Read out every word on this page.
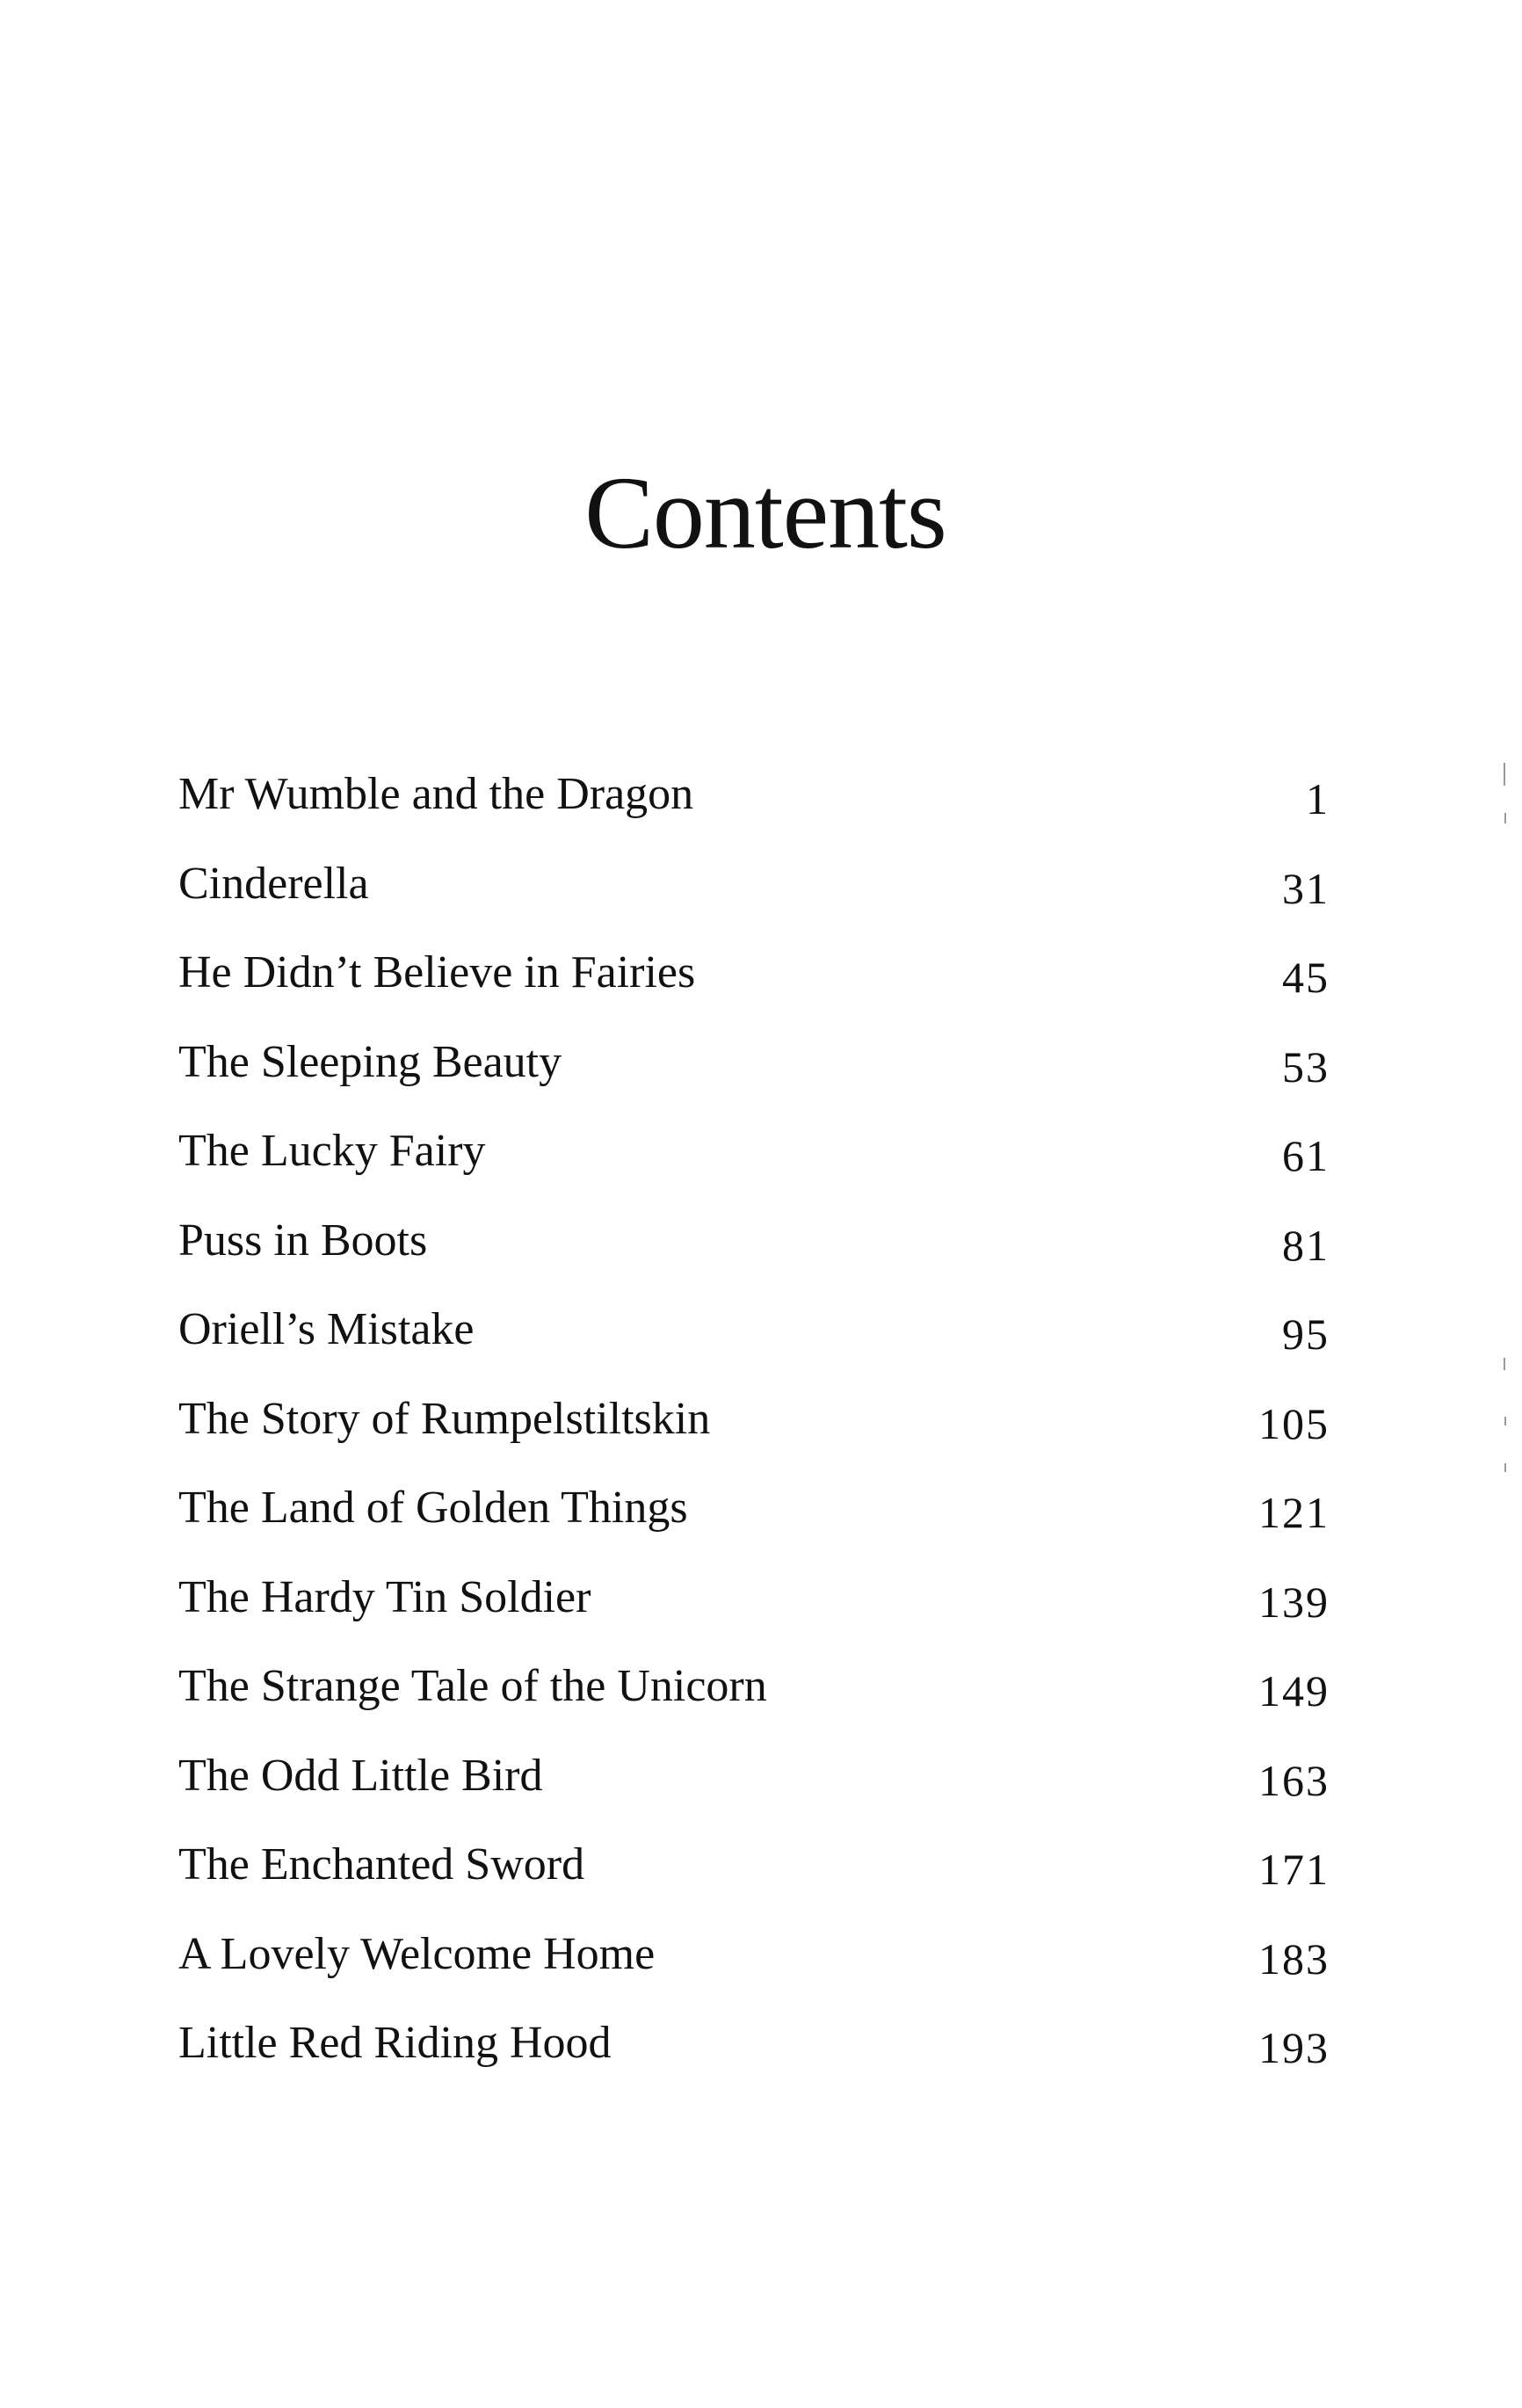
Contents
Mr Wumble and the Dragon	1
Cinderella	31
He Didn’t Believe in Fairies	45
The Sleeping Beauty	53
The Lucky Fairy	61
Puss in Boots	81
Oriell’s Mistake	95
The Story of Rumpelstiltskin	105
The Land of Golden Things	121
The Hardy Tin Soldier	139
The Strange Tale of the Unicorn	149
The Odd Little Bird	163
The Enchanted Sword	171
A Lovely Welcome Home	183
Little Red Riding Hood	193
